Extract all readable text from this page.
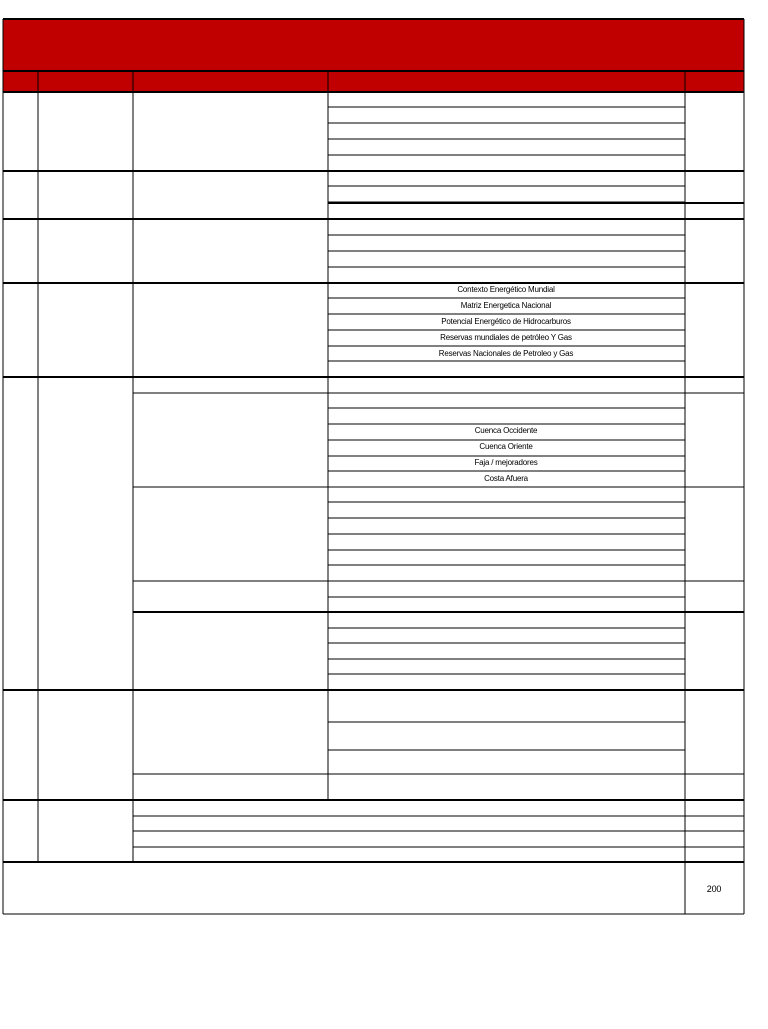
Contexto Energético Mundial
Matriz Energetica Nacional
Potencial Energético de Hidrocarburos
Reservas mundiales de petróleo Y Gas
Reservas Nacionales de Petroleo y Gas
Cuenca Occidente
Cuenca Oriente
Faja / mejoradores
Costa Afuera
200
